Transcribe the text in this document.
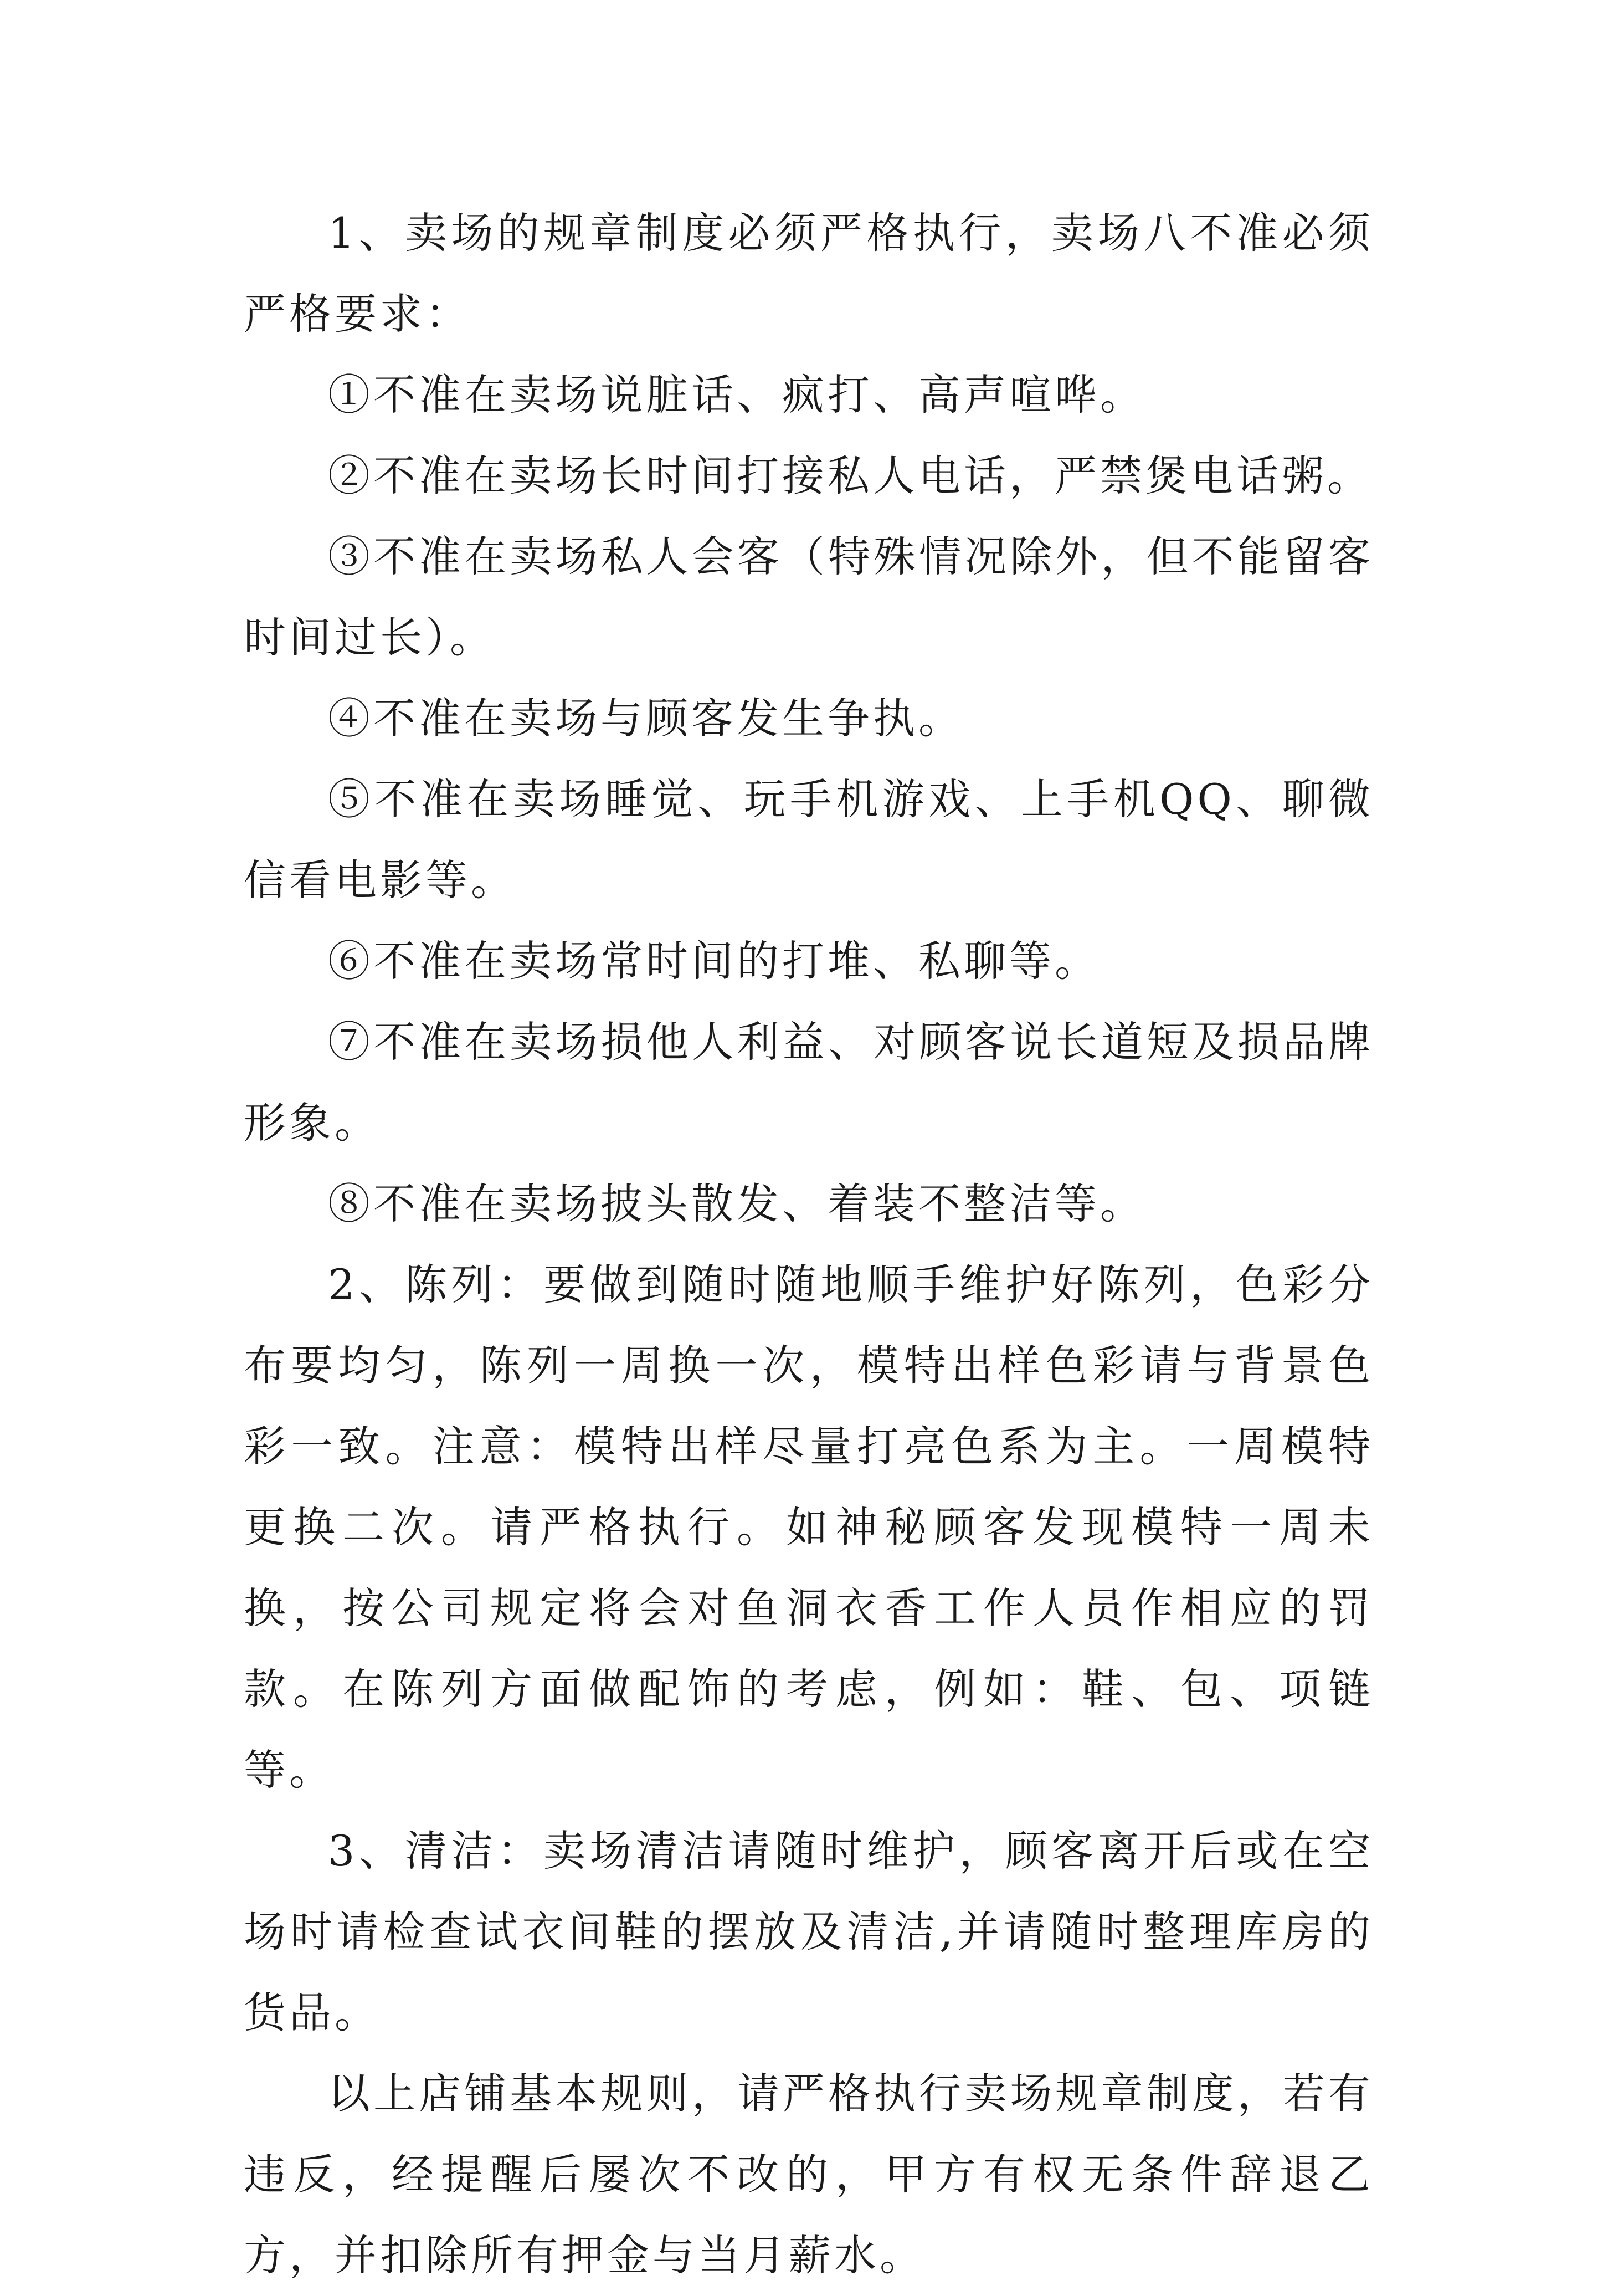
1、卖场的规章制度必须严格执行，卖场八不准必须严格要求：

①不准在卖场说脏话、疯打、高声喧哗。

②不准在卖场长时间打接私人电话，严禁煲电话粥。

③不准在卖场私人会客（特殊情况除外，但不能留客时间过长）。

④不准在卖场与顾客发生争执。

⑤不准在卖场睡觉、玩手机游戏、上手机QQ、聊微信看电影等。

⑥不准在卖场常时间的打堆、私聊等。

⑦不准在卖场损他人利益、对顾客说长道短及损品牌形象。

⑧不准在卖场披头散发、着装不整洁等。

2、陈列：要做到随时随地顺手维护好陈列，色彩分布要均匀，陈列一周换一次，模特出样色彩请与背景色彩一致。注意：模特出样尽量打亮色系为主。一周模特更换二次。请严格执行。如神秘顾客发现模特一周未换，按公司规定将会对鱼洞衣香工作人员作相应的罚款。在陈列方面做配饰的考虑，例如：鞋、包、项链等。

3、清洁：卖场清洁请随时维护，顾客离开后或在空场时请检查试衣间鞋的摆放及清洁,并请随时整理库房的货品。

以上店铺基本规则，请严格执行卖场规章制度，若有违反，经提醒后屡次不改的，甲方有权无条件辞退乙方，并扣除所有押金与当月薪水。
